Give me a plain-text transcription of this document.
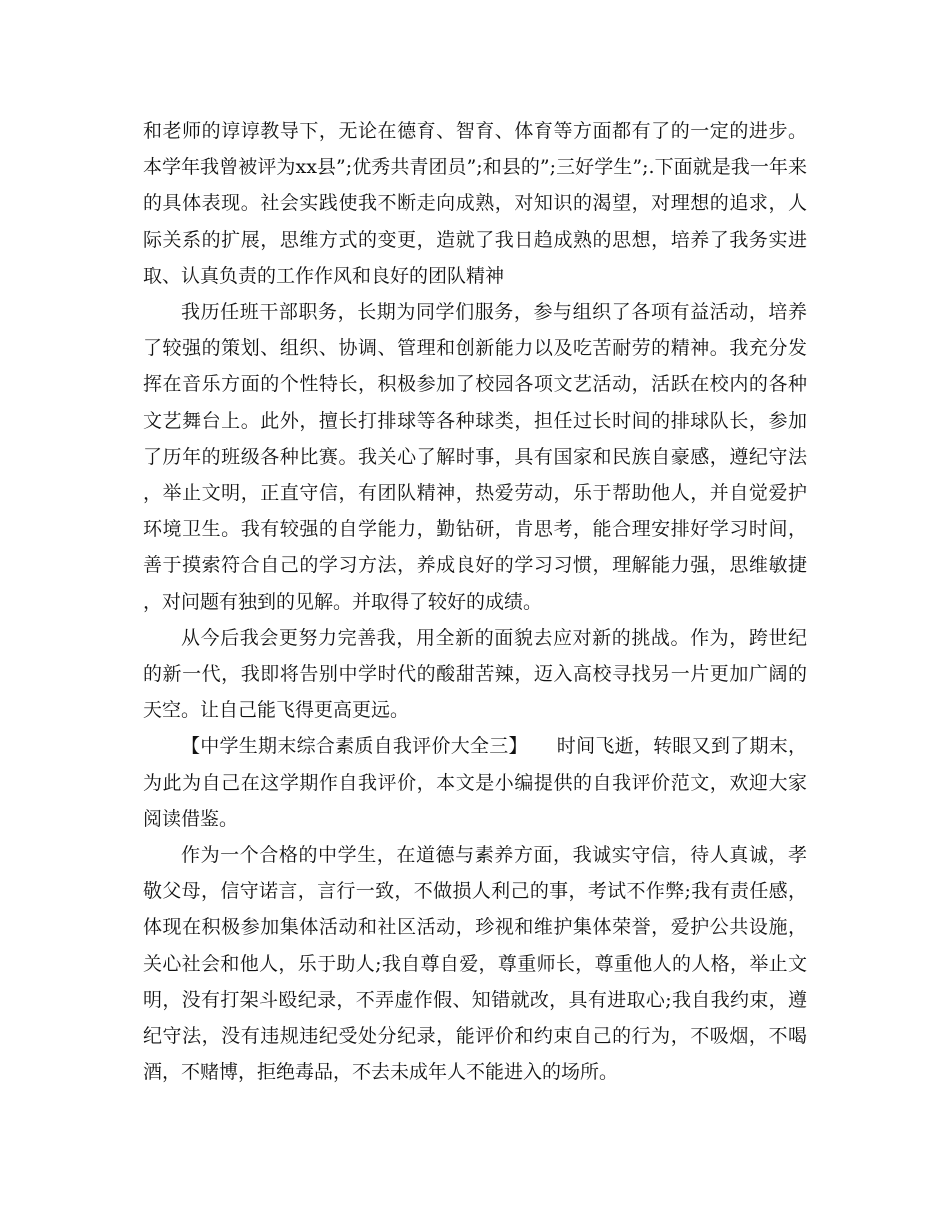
和老师的谆谆教导下，无论在德育、智育、体育等方面都有了的一定的进步。本学年我曾被评为xx县”;优秀共青团员”;和县的”;三好学生”;.下面就是我一年来的具体表现。社会实践使我不断走向成熟，对知识的渴望，对理想的追求，人际关系的扩展，思维方式的变更，造就了我日趋成熟的思想，培养了我务实进取、认真负责的工作作风和良好的团队精神

我历任班干部职务，长期为同学们服务，参与组织了各项有益活动，培养了较强的策划、组织、协调、管理和创新能力以及吃苦耐劳的精神。我充分发挥在音乐方面的个性特长，积极参加了校园各项文艺活动，活跃在校内的各种文艺舞台上。此外，擅长打排球等各种球类，担任过长时间的排球队长，参加了历年的班级各种比赛。我关心了解时事，具有国家和民族自豪感，遵纪守法，举止文明，正直守信，有团队精神，热爱劳动，乐于帮助他人，并自觉爱护环境卫生。我有较强的自学能力，勤钻研，肯思考，能合理安排好学习时间，善于摸索符合自己的学习方法，养成良好的学习习惯，理解能力强，思维敏捷，对问题有独到的见解。并取得了较好的成绩。

从今后我会更努力完善我，用全新的面貌去应对新的挑战。作为，跨世纪的新一代，我即将告别中学时代的酸甜苦辣，迈入高校寻找另一片更加广阔的天空。让自己能飞得更高更远。

【中学生期末综合素质自我评价大全三】　　时间飞逝，转眼又到了期末，为此为自己在这学期作自我评价，本文是小编提供的自我评价范文，欢迎大家阅读借鉴。

作为一个合格的中学生，在道德与素养方面，我诚实守信，待人真诚，孝敬父母，信守诺言，言行一致，不做损人利己的事，考试不作弊;我有责任感，体现在积极参加集体活动和社区活动，珍视和维护集体荣誉，爱护公共设施，关心社会和他人，乐于助人;我自尊自爱，尊重师长，尊重他人的人格，举止文明，没有打架斗殴纪录，不弄虚作假、知错就改，具有进取心;我自我约束，遵纪守法，没有违规违纪受处分纪录，能评价和约束自己的行为，不吸烟，不喝酒，不赌博，拒绝毒品，不去未成年人不能进入的场所。
